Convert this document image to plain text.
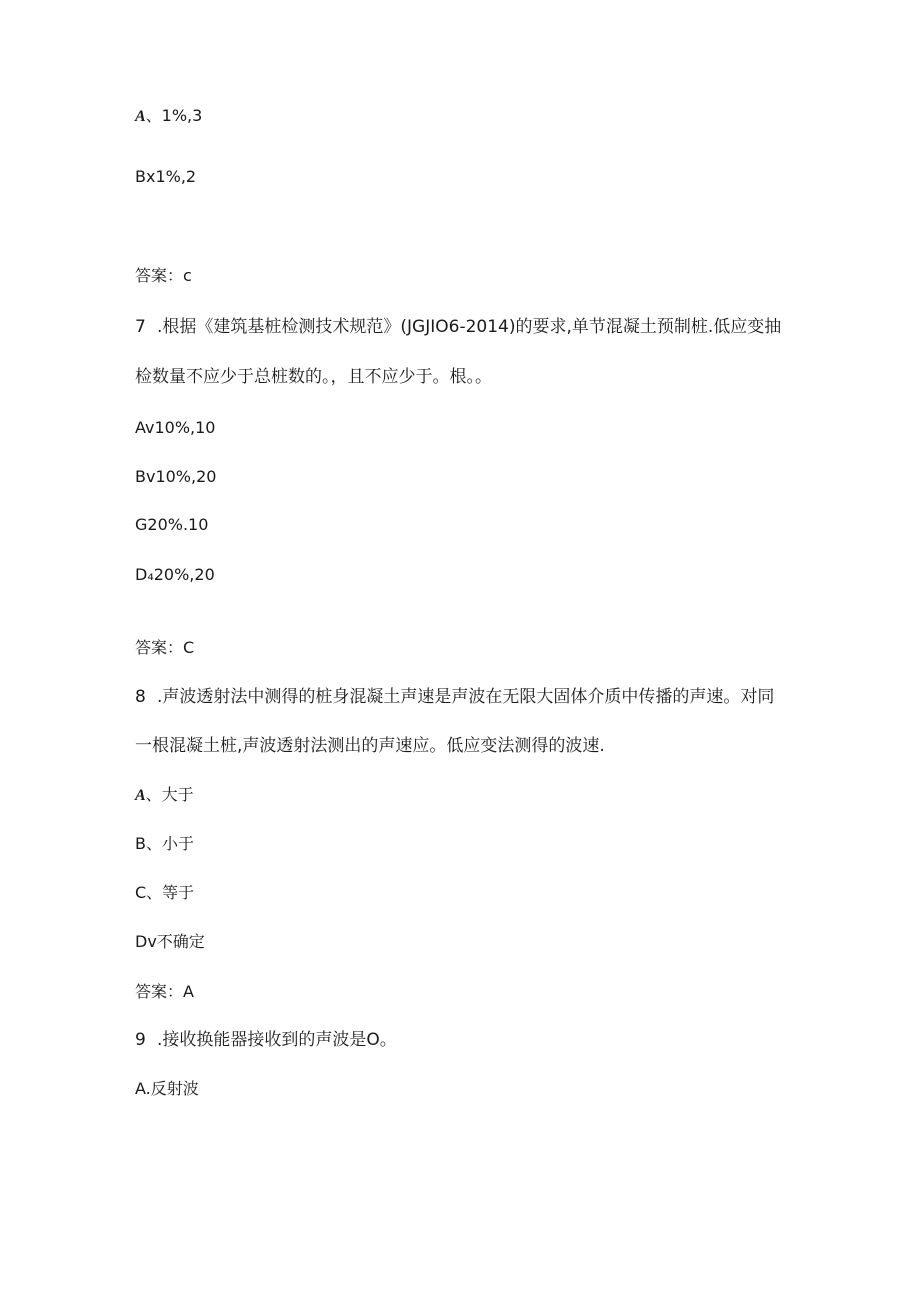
A、1%,3
Bx1%,2
答案：c
7 .根据《建筑基桩检测技术规范》(JGJIO6-2014)的要求,单节混凝土预制桩.低应变抽
检数量不应少于总桩数的。，且不应少于。根。。
Av10%,10
Bv10%,20
G20%.10
D₄20%,20
答案：C
8 .声波透射法中测得的桩身混凝土声速是声波在无限大固体介质中传播的声速。对同
一根混凝土桩,声波透射法测出的声速应。低应变法测得的波速.
A、大于
B、小于
C、等于
Dv不确定
答案：A
9 .接收换能器接收到的声波是O。
A.反射波
